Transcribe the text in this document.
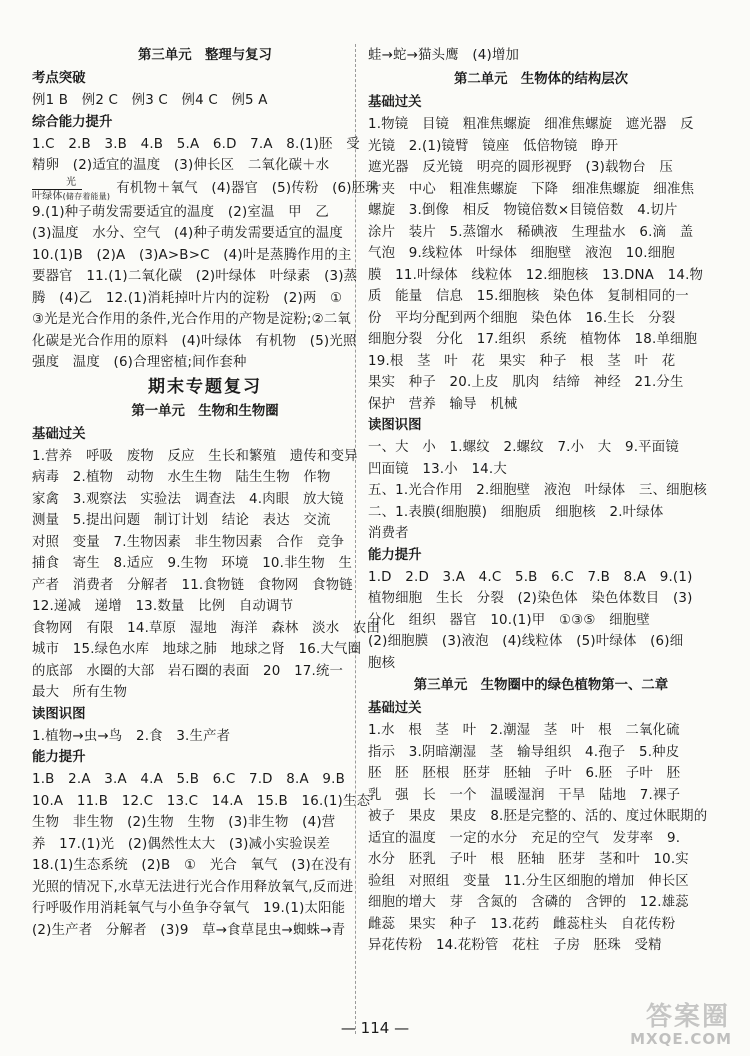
第三单元　整理与复习

考点突破

例1 B　例2 C　例3 C　例4 C　例5 A

综合能力提升

1.C　2.B　3.B　4.B　5.A　6.D　7.A　8.(1)胚　受

精卵　(2)适宜的温度　(3)伸长区　二氧化碳＋水

光
叶绿体(储存着能量)
有机物＋氧气　(4)器官　(5)传粉　(6)胚珠

9.(1)种子萌发需要适宜的温度　(2)室温　甲　乙

(3)温度　水分、空气　(4)种子萌发需要适宜的温度

10.(1)B　(2)A　(3)A>B>C　(4)叶是蒸腾作用的主

要器官　11.(1)二氧化碳　(2)叶绿体　叶绿素　(3)蒸

腾　(4)乙　12.(1)消耗掉叶片内的淀粉　(2)两　①

③光是光合作用的条件,光合作用的产物是淀粉;②二氧

化碳是光合作用的原料　(4)叶绿体　有机物　(5)光照

强度　温度　(6)合理密植;间作套种

期末专题复习

第一单元　生物和生物圈

基础过关

1.营养　呼吸　废物　反应　生长和繁殖　遗传和变异

病毒　2.植物　动物　水生生物　陆生生物　作物

家禽　3.观察法　实验法　调查法　4.肉眼　放大镜

测量　5.提出问题　制订计划　结论　表达　交流

对照　变量　7.生物因素　非生物因素　合作　竞争

捕食　寄生　8.适应　9.生物　环境　10.非生物　生

产者　消费者　分解者　11.食物链　食物网　食物链

12.递减　递增　13.数量　比例　自动调节

食物网　有限　14.草原　湿地　海洋　森林　淡水　农田

城市　15.绿色水库　地球之肺　地球之肾　16.大气圈

的底部　水圈的大部　岩石圈的表面　20　17.统一

最大　所有生物

读图识图

1.植物→虫→鸟　2.食　3.生产者

能力提升

1.B　2.A　3.A　4.A　5.B　6.C　7.D　8.A　9.B

10.A　11.B　12.C　13.C　14.A　15.B　16.(1)生态

生物　非生物　(2)生物　生物　(3)非生物　(4)营

养　17.(1)光　(2)偶然性太大　(3)减小实验误差

18.(1)生态系统　(2)B　①　光合　氧气　(3)在没有

光照的情况下,水草无法进行光合作用释放氧气,反而进

行呼吸作用消耗氧气与小鱼争夺氧气　19.(1)太阳能

(2)生产者　分解者　(3)9　草→食草昆虫→蜘蛛→青

蛙→蛇→猫头鹰　(4)增加

第二单元　生物体的结构层次

基础过关

1.物镜　目镜　粗准焦螺旋　细准焦螺旋　遮光器　反

光镜　2.(1)镜臂　镜座　低倍物镜　睁开

遮光器　反光镜　明亮的圆形视野　(3)载物台　压

片夹　中心　粗准焦螺旋　下降　细准焦螺旋　细准焦

螺旋　3.倒像　相反　物镜倍数×目镜倍数　4.切片

涂片　装片　5.蒸馏水　稀碘液　生理盐水　6.滴　盖

气泡　9.线粒体　叶绿体　细胞壁　液泡　10.细胞

膜　11.叶绿体　线粒体　12.细胞核　13.DNA　14.物

质　能量　信息　15.细胞核　染色体　复制相同的一

份　平均分配到两个细胞　染色体　16.生长　分裂

细胞分裂　分化　17.组织　系统　植物体　18.单细胞

19.根　茎　叶　花　果实　种子　根　茎　叶　花

果实　种子　20.上皮　肌肉　结缔　神经　21.分生

保护　营养　输导　机械

读图识图

一、大　小　1.螺纹　2.螺纹　7.小　大　9.平面镜

凹面镜　13.小　14.大

五、1.光合作用　2.细胞壁　液泡　叶绿体　三、细胞核

二、1.表膜(细胞膜)　细胞质　细胞核　2.叶绿体

消费者

能力提升

1.D　2.D　3.A　4.C　5.B　6.C　7.B　8.A　9.(1)

植物细胞　生长　分裂　(2)染色体　染色体数目　(3)

分化　组织　器官　10.(1)甲　①③⑤　细胞壁

(2)细胞膜　(3)液泡　(4)线粒体　(5)叶绿体　(6)细

胞核

第三单元　生物圈中的绿色植物第一、二章

基础过关

1.水　根　茎　叶　2.潮湿　茎　叶　根　二氧化硫

指示　3.阴暗潮湿　茎　输导组织　4.孢子　5.种皮

胚　胚　胚根　胚芽　胚轴　子叶　6.胚　子叶　胚

乳　强　长　一个　温暖湿润　干旱　陆地　7.裸子

被子　果皮　果皮　8.胚是完整的、活的、度过休眠期的

适宜的温度　一定的水分　充足的空气　发芽率　9.

水分　胚乳　子叶　根　胚轴　胚芽　茎和叶　10.实

验组　对照组　变量　11.分生区细胞的增加　伸长区

细胞的增大　芽　含氮的　含磷的　含钾的　12.雄蕊

雌蕊　果实　种子　13.花药　雌蕊柱头　自花传粉

异花传粉　14.花粉管　花柱　子房　胚珠　受精

— 114 —	答案圈
MXQE.COM
